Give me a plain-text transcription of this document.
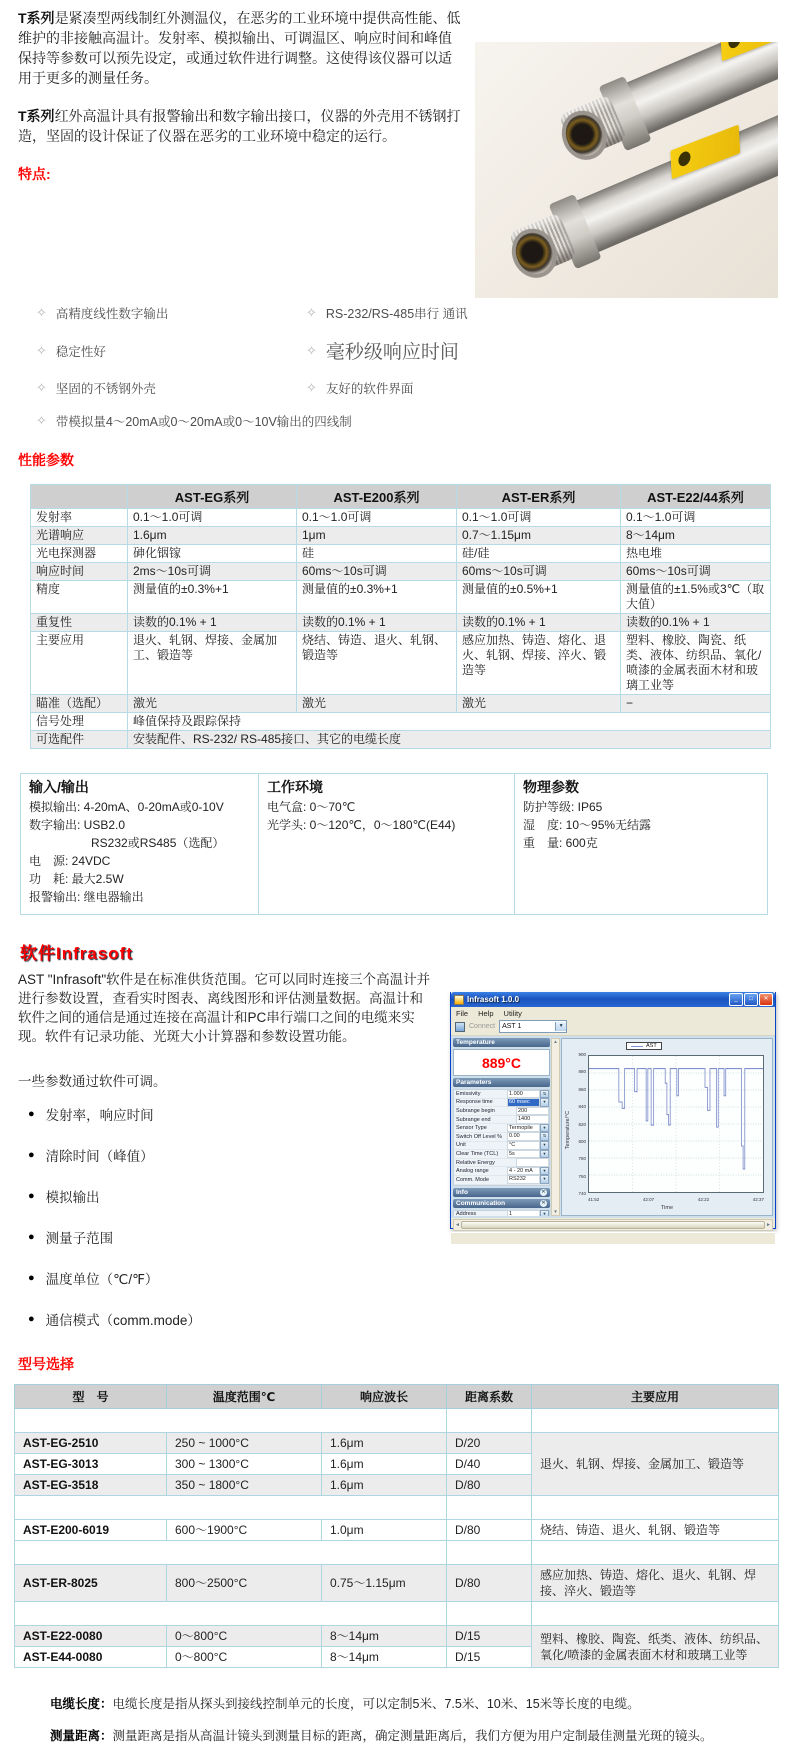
T系列是紧凑型两线制红外测温仪，在恶劣的工业环境中提供高性能、低维护的非接触高温计。发射率、模拟输出、可调温区、响应时间和峰值保持等参数可以预先设定，或通过软件进行调整。这使得该仪器可以适用于更多的测量任务。

T系列红外高温计具有报警输出和数字输出接口，仪器的外壳用不锈钢打造，坚固的设计保证了仪器在恶劣的工业环境中稳定的运行。

特点:
✧ 高精度线性数字输出	✧ RS-232/RS-485串行 通讯
✧ 稳定性好	✧ 毫秒级响应时间
✧ 坚固的不锈钢外壳	✧ 友好的软件界面
✧ 带模拟量4〜20mA或0〜20mA或0〜10V输出的四线制
性能参数
	AST-EG系列	AST-E200系列	AST-ER系列	AST-E22/44系列
发射率	0.1～1.0可调	0.1～1.0可调	0.1～1.0可调	0.1～1.0可调
光谱响应	1.6μm	1μm	0.7～1.15μm	8～14μm
光电探测器	砷化铟镓	硅	硅/硅	热电堆
响应时间	2ms～10s可调	60ms～10s可调	60ms～10s可调	60ms～10s可调
精度	测量值的±0.3%+1	测量值的±0.3%+1	测量值的±0.5%+1	测量值的±1.5%或3℃（取大值）
重复性	读数的0.1% + 1	读数的0.1% + 1	读数的0.1% + 1	读数的0.1% + 1
主要应用	退火、轧钢、焊接、金属加工、锻造等	烧结、铸造、退火、轧钢、锻造等	感应加热、铸造、熔化、退火、轧钢、焊接、淬火、锻造等	塑料、橡胶、陶瓷、纸类、液体、纺织品、氧化/喷漆的金属表面木材和玻璃工业等
瞄准（选配）	激光	激光	激光	−
信号处理	峰值保持及跟踪保持			
可选配件	安装配件、RS-232/ RS-485接口、其它的电缆长度			
输入/输出
模拟输出: 4-20mA、0-20mA或0-10V
数字输出: USB2.0
RS232或RS485（选配）
电　源: 24VDC
功　耗: 最大2.5W
报警输出: 继电器输出
工作环境
电气盒: 0～70℃
光学头: 0～120℃，0～180℃(E44)
物理参数
防护等级: IP65
湿　度: 10～95%无结露
重　量: 600克
软件Infrasoft
Infrasoft 1.0.0	_	□	✕
File Help Utility
Connect AST 1	▼
Temperature
889°C
Parameters
Emissivity	1.000	⇅
Response time	60 msec	▼
Subrange begin	200
Subrange end	1400
Sensor Type	Termopile	▼
Switch Off Level %	0.00	⇅
Unit	°C	▼
Clear Time (TCL)	5s	▼
Relative Energy
Analog range	4 - 20 mA	▼
Comm. Mode	RS232	▼
Info	✕
Communication	✕
Address	1	▼
▲
▼
AST
Temperature/°C
900
880
860
840
820
800
780
760
740
41:52	42:07	42:22	42:37
Time
◄	►

AST "Infrasoft"软件是在标准供货范围。它可以同时连接三个高温计并进行参数设置，查看实时图表、离线图形和评估测量数据。高温计和软件之间的通信是通过连接在高温计和PC串行端口之间的电缆来实现。软件有记录功能、光斑大小计算器和参数设置功能。

一些参数通过软件可调。

● 发射率，响应时间
● 清除时间（峰值）
● 模拟输出
● 测量子范围
● 温度单位（℃/℉）
● 通信模式（comm.mode）
型号选择
型　号	温度范围℃	响应波长	距离系数	主要应用

AST-EG-2510	250 ~ 1000°C	1.6μm	D/20	退火、轧钢、焊接、金属加工、锻造等
AST-EG-3013	300 ~ 1300°C	1.6μm	D/40	
AST-EG-3518	350 ~ 1800°C	1.6μm	D/80	

AST-E200-6019	600～1900°C	1.0μm	D/80	烧结、铸造、退火、轧钢、锻造等

AST-ER-8025	800～2500°C	0.75～1.15μm	D/80	感应加热、铸造、熔化、退火、轧钢、焊接、淬火、锻造等

AST-E22-0080	0～800°C	8～14μm	D/15	塑料、橡胶、陶瓷、纸类、液体、纺织品、氧化/喷漆的金属表面木材和玻璃工业等
AST-E44-0080	0～800°C	8～14μm	D/15	

电缆长度：电缆长度是指从探头到接线控制单元的长度，可以定制5米、7.5米、10米、15米等长度的电缆。

测量距离：测量距离是指从高温计镜头到测量目标的距离，确定测量距离后，我们方便为用户定制最佳测量光斑的镜头。
